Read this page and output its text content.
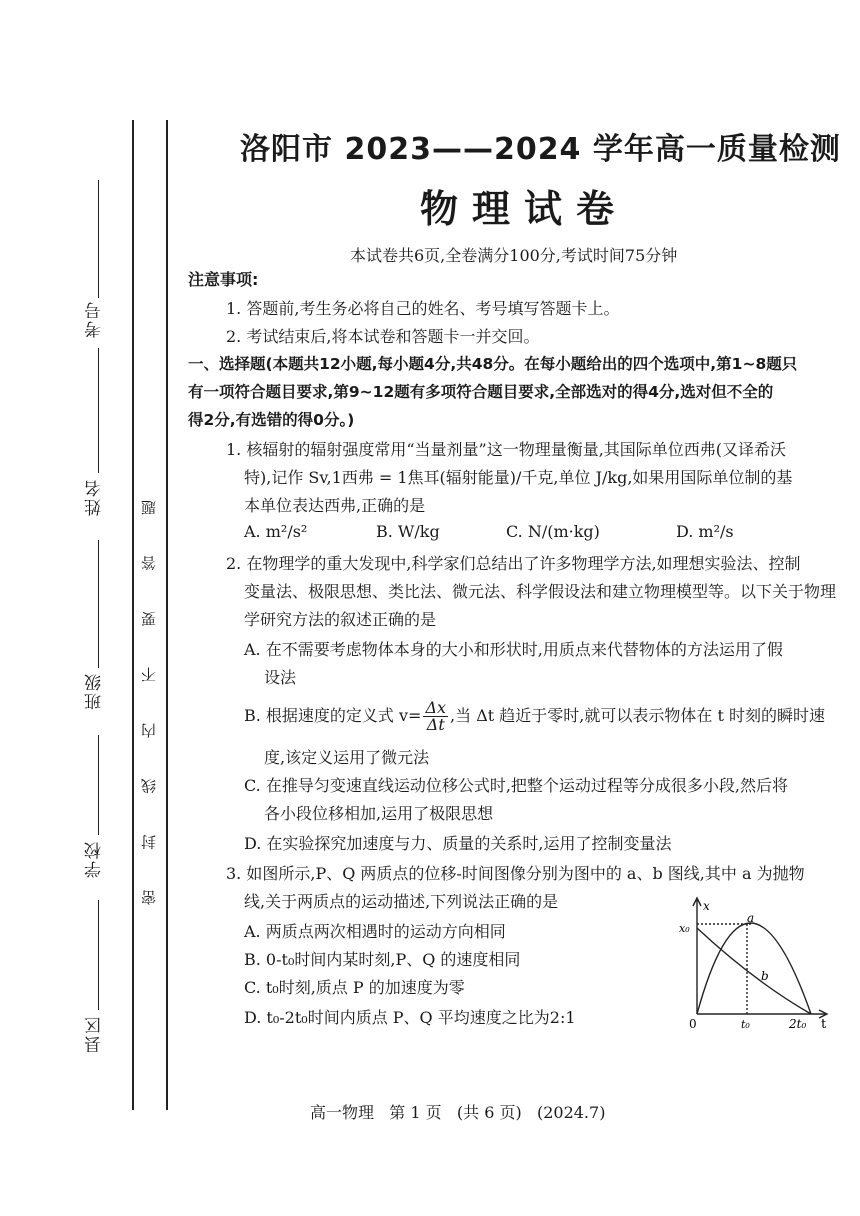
考号
姓名
班级
学校
县区
密 封 线 内 不 要 答 题
洛阳市 2023——2024 学年高一质量检测
物理试卷
本试卷共6页,全卷满分100分,考试时间75分钟
注意事项:
1. 答题前,考生务必将自己的姓名、考号填写答题卡上。
2. 考试结束后,将本试卷和答题卡一并交回。
一、选择题(本题共12小题,每小题4分,共48分。在每小题给出的四个选项中,第1~8题只
有一项符合题目要求,第9~12题有多项符合题目要求,全部选对的得4分,选对但不全的
得2分,有选错的得0分。)
1. 核辐射的辐射强度常用“当量剂量”这一物理量衡量,其国际单位西弗(又译希沃
特),记作 Sv,1西弗 = 1焦耳(辐射能量)/千克,单位 J/kg,如果用国际单位制的基
本单位表达西弗,正确的是
A. m²/s²	B. W/kg	C. N/(m·kg)	D. m²/s
2. 在物理学的重大发现中,科学家们总结出了许多物理学方法,如理想实验法、控制
变量法、极限思想、类比法、微元法、科学假设法和建立物理模型等。以下关于物理
学研究方法的叙述正确的是
A. 在不需要考虑物体本身的大小和形状时,用质点来代替物体的方法运用了假
设法
B. 根据速度的定义式 $v= \frac{\Delta x}{\Delta t}$ ,当 Δt 趋近于零时,就可以表示物体在 t 时刻的瞬时速
度,该定义运用了微元法
C. 在推导匀变速直线运动位移公式时,把整个运动过程等分成很多小段,然后将
各小段位移相加,运用了极限思想
D. 在实验探究加速度与力、质量的关系时,运用了控制变量法
3. 如图所示,P、Q 两质点的位移-时间图像分别为图中的 a、b 图线,其中 a 为抛物
线,关于两质点的运动描述,下列说法正确的是
A. 两质点两次相遇时的运动方向相同
B. 0-t₀时间内某时刻,P、Q 的速度相同
C. t₀时刻,质点 P 的加速度为零
D. t₀-2t₀时间内质点 P、Q 平均速度之比为2:1
x
t
0
x₀
t₀	2t₀
a
b
高一物理   第 1 页   (共 6 页)   (2024.7)
